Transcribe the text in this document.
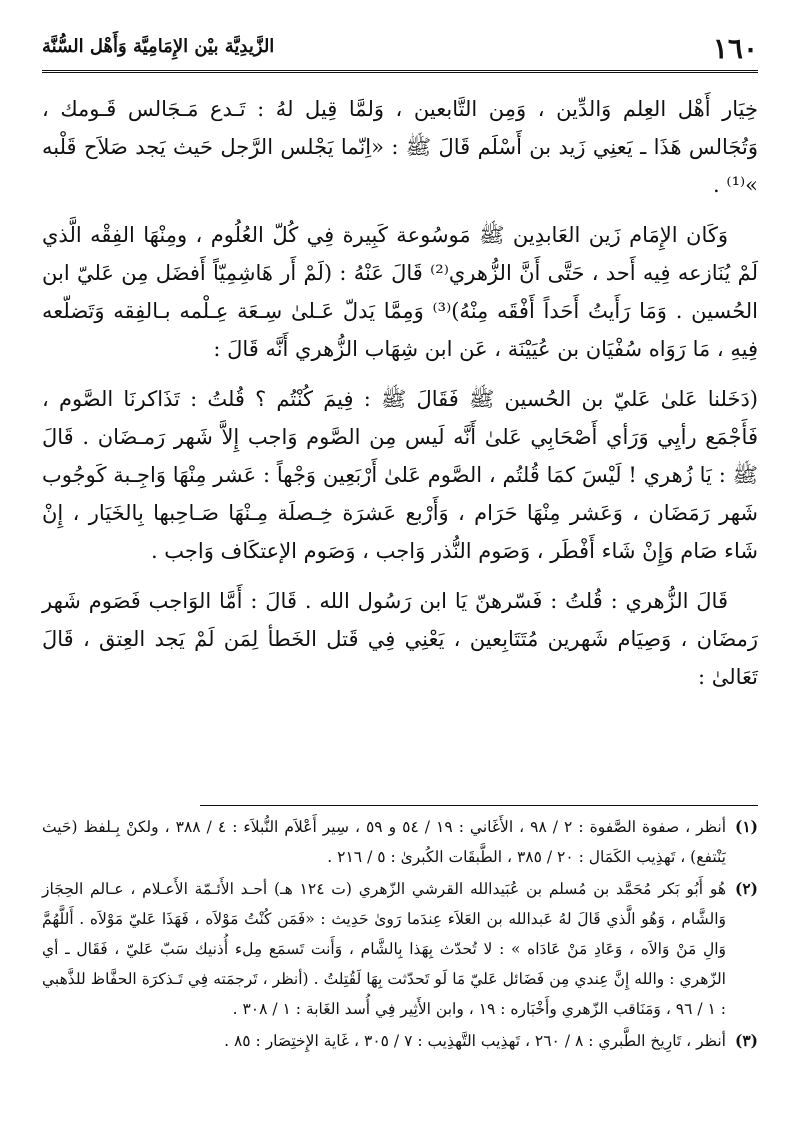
١٦٠
الزَّيدِيَّة بيْن الإِمَامِيَّة وَأَهْل السُّنَّة

خِيَار أَهْل العِلم وَالدِّين ، وَمِن التَّابعين ، وَلمَّا قِيل لهُ : تَـدع مَـجَالس قَـومك ، وَتُجَالس هَذَا ـ يَعنِي زَيد بن أَسْلَم قَالَ ﷺ : «اِنّما يَجْلس الرَّجل حَيث يَجد صَلاَح قَلْبه »⁽¹⁾ .

وَكَان الإِمَام زَين العَابدِين ﷺ مَوسُوعة كَبِيرة فِي كُلّ العُلُوم ، ومِنْهَا الفِقْه الَّذي لَمْ يُنَازعه فِيه أَحد ، حَتَّى أَنَّ الزُّهري⁽²⁾ قَالَ عَنْهُ : (لَمْ أَر هَاشِمِيّاً أَفضَل مِن عَليّ ابن الحُسين . وَمَا رَأَيتُ أَحَداً أَفْقَه مِنْهُ)⁽³⁾ وَمِمَّا يَدلّ عَـلىٰ سِـعَة عِـلْمه بـالفِقه وَتَضلّعه فِيهِ ، مَا رَوَاه سُفْيَان بن عُيَيْنَة ، عَن ابن شِهَاب الزُّهري أَنَّه قَالَ :

(دَخَلنا عَلىٰ عَليّ بن الحُسين ﷺ فَقَالَ ﷺ : فِيمَ كُنْتُم ؟ قُلتُ : تَذَاكرنَا الصَّوم ، فَأَجْمَع رأيِي وَرَأي أَصْحَابِي عَلىٰ أَنَّه لَيس مِن الصَّوم وَاجب إِلاَّ شَهر رَمـضَان . قَالَ ﷺ : يَا زُهري ! لَيْسَ كمَا قُلتُم ، الصَّوم عَلىٰ أَرْبَعِين وَجْهاً : عَشر مِنْهَا وَاجِـبة كَوجُوب شَهر رَمَضَان ، وَعَشر مِنْهَا حَرَام ، وَأَرْبع عَشرَة خِـصلَة مِـنْهَا صَـاحِبها بِالخَيَار ، إِنْ شَاء صَام وَإِنْ شَاء أَفْطَر ، وَصَوم النُّذر وَاجب ، وَصَوم الإعتكَاف وَاجب .

قَالَ الزُّهري : قُلتُ : فَسّرهنّ يَا ابن رَسُول الله . قَالَ : أَمَّا الوَاجب فَصَوم شَهر رَمضَان ، وَصِيَام شَهرين مُتَتَابِعين ، يَعْنِي فِي قَتل الخَطأ لِمَن لَمْ يَجد العِتق ، قَالَ تَعَالىٰ :

(١)
أنظر ، صفوة الصَّفوة : ٢ / ٩٨ ، الأَغَاني : ١٩ / ٥٤ و ٥٩ ، سِير أَعْلاَم النُّبلاَء : ٤ / ٣٨٨ ، ولكنْ بِـلفظ (حَيث يَنْتفع) ، تَهذِيب الكَمَال : ٢٠ / ٣٨٥ ، الطَّبقَات الكُبرىٰ : ٥ / ٢١٦ .
(٢)
هُو أَبُو بَكر مُحَمَّد بن مُسلم بن عُبَيدالله القرشي الزّهري (ت ١٢٤ هـ) أحـد الأَئـمّة الأَعـلام ، عـالم الحِجَاز وَالشَّام ، وَهُو الَّذي قَالَ لهُ عَبدالله بن العَلاَء عِندَما رَوىٰ حَدِيث : «فَمَن كُنْتُ مَوْلاَه ، فَهَذَا عَليّ مَوْلاَه . أَللَّهُمَّ وَالِ مَنْ وَالاَه ، وَعَادِ مَنْ عَادَاه » : لا تُحدّث بِهَذا بِالشَّام ، وَأَنت تَسمَع مِلء أُذنيك سَبّ عَليّ ، فَقَال ـ أي الزّهري : والله إِنَّ عِندي مِن فَضَائل عَليّ مَا لَو تَحدّثت بِهَا لَقُتِلتُ . (أنظر ، تَرجمَته فِي تَـذكرَة الحفَّاظ للذَّهبي : ١ / ٩٦ ، وَمَنَاقب الزّهري وأَخْبَاره : ١٩ ، وابن الأَثِير فِي أُسد الغَابة : ١ / ٣٠٨ .
(٣)
أنظر ، تَارِيخ الطَّبري : ٨ / ٢٦٠ ، تَهذِيب التَّهذِيب : ٧ / ٣٠٥ ، غَاية الإِختِصَار : ٨٥ .
